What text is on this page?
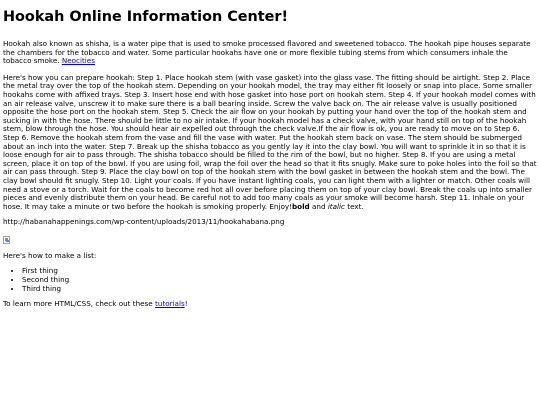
Hookah Online Information Center!

Hookah also known as shisha, is a water pipe that is used to smoke processed flavored and sweetened tobacco. The hookah pipe houses separate the chambers for the tobacco and water. Some particular hookahs have one or more flexible tubing stems from which consumers inhale the tobacco smoke. Neocities

Here's how you can prepare hookah: Step 1. Place hookah stem (with vase gasket) into the glass vase. The fitting should be airtight. Step 2. Place the metal tray over the top of the hookah stem. Depending on your hookah model, the tray may either fit loosely or snap into place. Some smaller hookahs come with affixed trays. Step 3. Insert hose end with hose gasket into hose port on hookah stem. Step 4. If your hookah model comes with an air release valve, unscrew it to make sure there is a ball bearing inside. Screw the valve back on. The air release valve is usually positioned opposite the hose port on the hookah stem. Step 5. Check the air flow on your hookah by putting your hand over the top of the hookah stem and sucking in with the hose. There should be little to no air intake. If your hookah model has a check valve, with your hand still on top of the hookah stem, blow through the hose. You should hear air expelled out through the check valve.If the air flow is ok, you are ready to move on to Step 6. Step 6. Remove the hookah stem from the vase and fill the vase with water. Put the hookah stem back on vase. The stem should be submerged about an inch into the water. Step 7. Break up the shisha tobacco as you gently lay it into the clay bowl. You will want to sprinkle it in so that it is loose enough for air to pass through. The shisha tobacco should be filled to the rim of the bowl, but no higher. Step 8. If you are using a metal screen, place it on top of the bowl. If you are using foil, wrap the foil over the head so that it fits snugly. Make sure to poke holes into the foil so that air can pass through. Step 9. Place the clay bowl on top of the hookah stem with the bowl gasket in between the hookah stem and the bowl. The clay bowl should fit snugly. Step 10. Light your coals. If you have instant lighting coals, you can light them with a lighter or match. Other coals will need a stove or a torch. Wait for the coals to become red hot all over before placing them on top of your clay bowl. Break the coals up into smaller pieces and evenly distribute them on your head. Be careful not to add too many coals as your smoke will become harsh. Step 11. Inhale on your hose. It may take a minute or two before the hookah is smoking properly. Enjoy!bold and italic text.

http://habanahappenings.com/wp-content/uploads/2013/11/hookahabana.png

Here's how to make a list:

• First thing
• Second thing
• Third thing

To learn more HTML/CSS, check out these tutorials!
